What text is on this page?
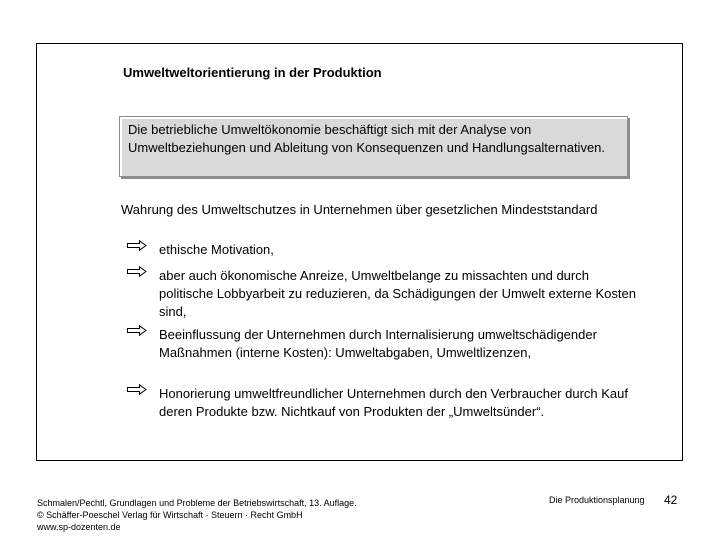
Umweltweltorientierung in der Produktion
Die betriebliche Umweltökonomie beschäftigt sich mit der Analyse von Umweltbeziehungen und Ableitung von Konsequenzen und Handlungsalternativen.
Wahrung des Umweltschutzes in Unternehmen über gesetzlichen Mindeststandard
ethische Motivation,
aber auch ökonomische Anreize, Umweltbelange zu missachten und durch politische Lobbyarbeit zu reduzieren, da Schädigungen der Umwelt externe Kosten sind,
Beeinflussung der Unternehmen durch Internalisierung umweltschädigender Maßnahmen (interne Kosten): Umweltabgaben, Umweltlizenzen,
Honorierung umweltfreundlicher Unternehmen durch den Verbraucher durch Kauf deren Produkte bzw. Nichtkauf von Produkten der „Umweltsünder“.
Schmalen/Pechtl, Grundlagen und Probleme der Betriebswirtschaft, 13. Auflage.
© Schäffer-Poeschel Verlag für Wirtschaft · Steuern · Recht GmbH
www.sp-dozenten.de
Die Produktionsplanung 42
